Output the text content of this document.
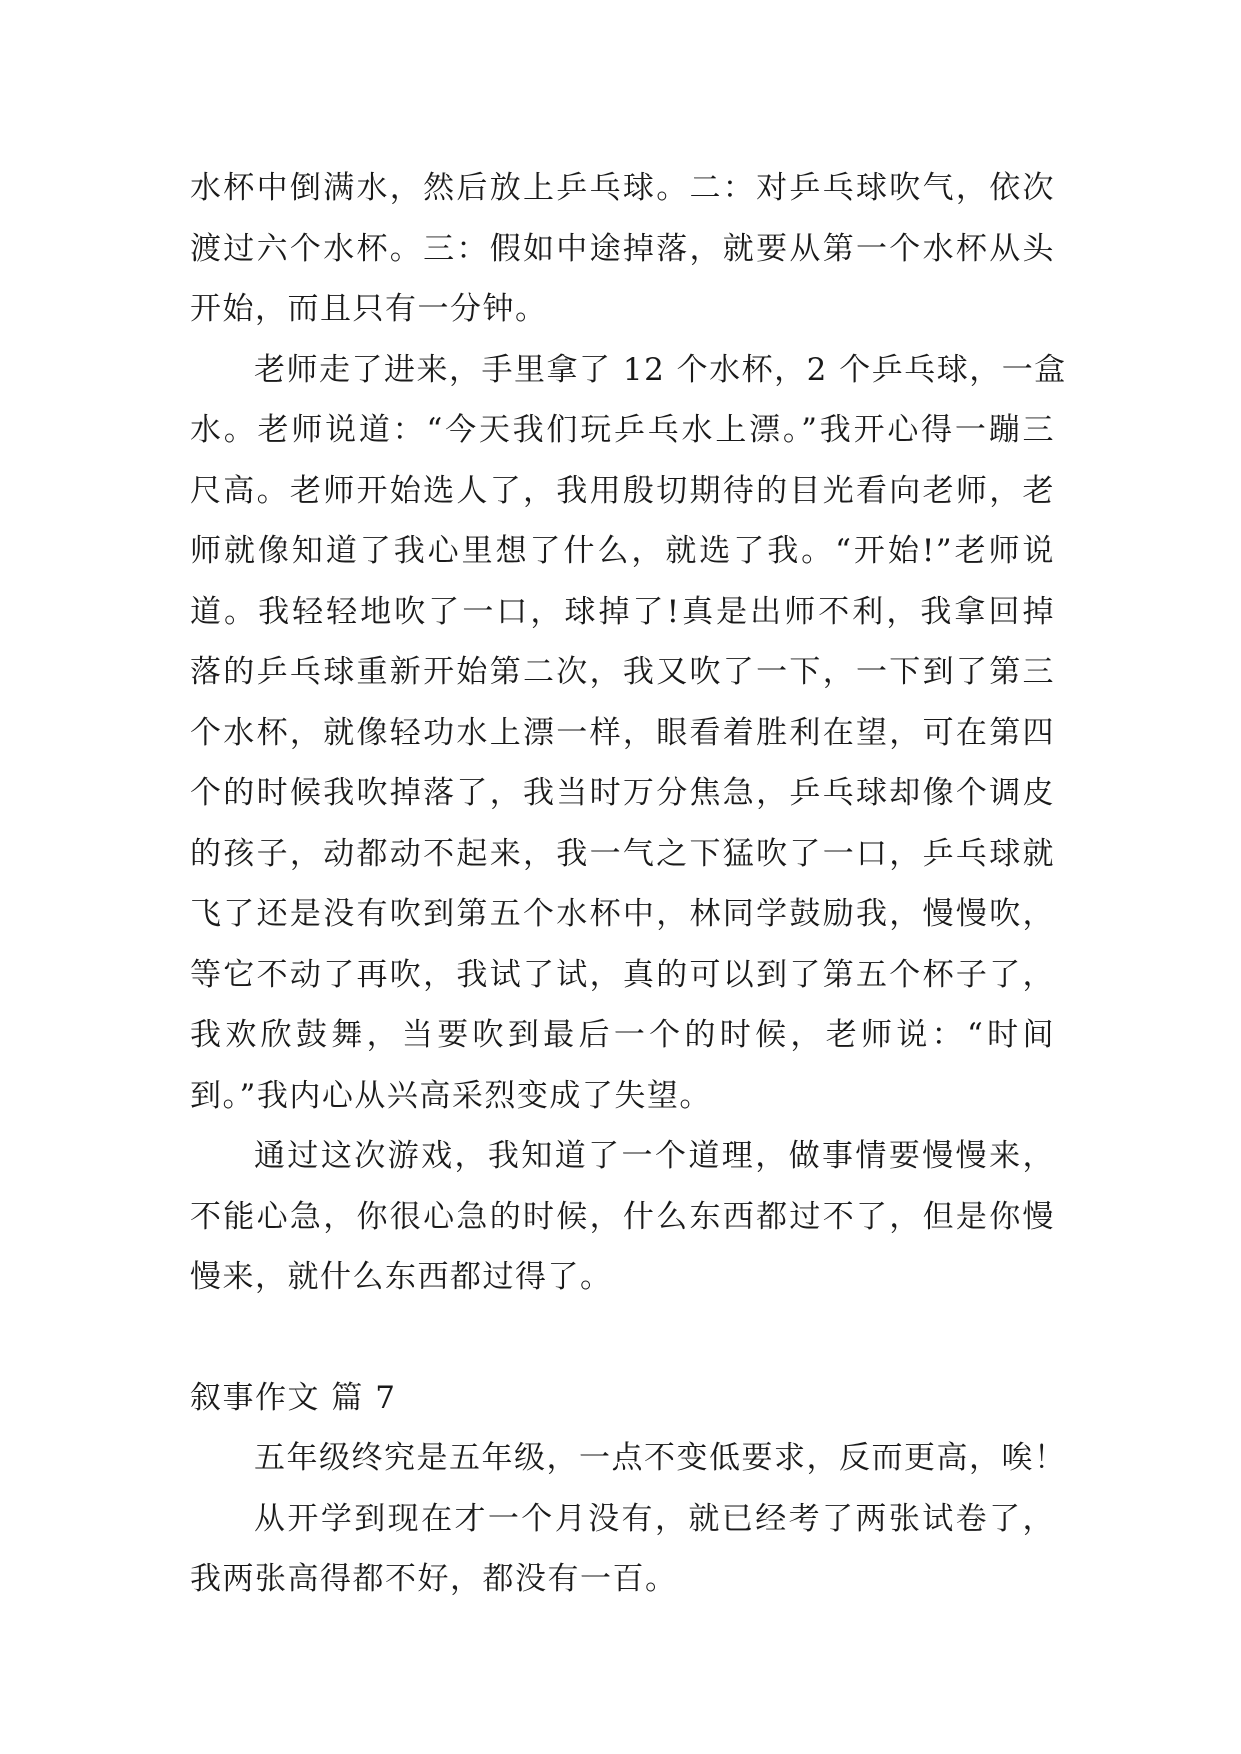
水杯中倒满水，然后放上乒乓球。二：对乒乓球吹气，依次
渡过六个水杯。三：假如中途掉落，就要从第一个水杯从头
开始，而且只有一分钟。
老师走了进来，手里拿了 12 个水杯，2 个乒乓球，一盒
水。老师说道：“今天我们玩乒乓水上漂。”我开心得一蹦三
尺高。老师开始选人了，我用殷切期待的目光看向老师，老
师就像知道了我心里想了什么，就选了我。“开始!”老师说
道。我轻轻地吹了一口，球掉了!真是出师不利，我拿回掉
落的乒乓球重新开始第二次，我又吹了一下，一下到了第三
个水杯，就像轻功水上漂一样，眼看着胜利在望，可在第四
个的时候我吹掉落了，我当时万分焦急，乒乓球却像个调皮
的孩子，动都动不起来，我一气之下猛吹了一口，乒乓球就
飞了还是没有吹到第五个水杯中，林同学鼓励我，慢慢吹，
等它不动了再吹，我试了试，真的可以到了第五个杯子了，
我欢欣鼓舞，当要吹到最后一个的时候，老师说：“时间
到。”我内心从兴高采烈变成了失望。
通过这次游戏，我知道了一个道理，做事情要慢慢来，
不能心急，你很心急的时候，什么东西都过不了，但是你慢
慢来，就什么东西都过得了。
叙事作文 篇 7
五年级终究是五年级，一点不变低要求，反而更高，唉！
从开学到现在才一个月没有，就已经考了两张试卷了，
我两张高得都不好，都没有一百。
